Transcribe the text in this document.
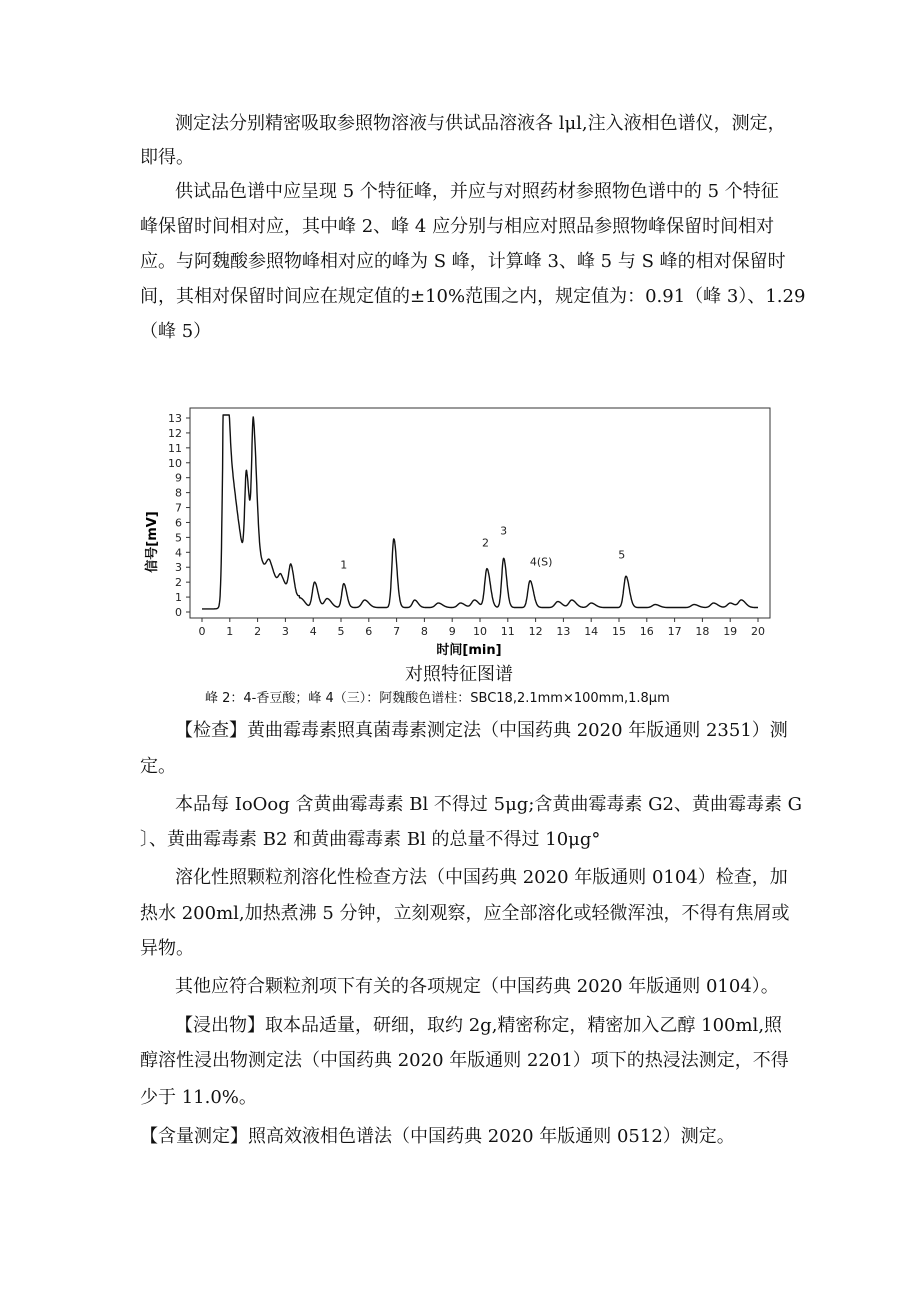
测定法分别精密吸取参照物溶液与供试品溶液各 lμl,注入液相色谱仪，测定，
即得。
供试品色谱中应呈现 5 个特征峰，并应与对照药材参照物色谱中的 5 个特征
峰保留时间相对应，其中峰 2、峰 4 应分别与相应对照品参照物峰保留时间相对
应。与阿魏酸参照物峰相对应的峰为 S 峰，计算峰 3、峰 5 与 S 峰的相对保留时
间，其相对保留时间应在规定值的±10%范围之内，规定值为：0.91（峰 3）、1.29
（峰 5）
信号[mV]
时间[min]
0
1
2
3
4
5
6
7
8
9
10
11
12
13
0 1 2 3 4 5 6 7 8 9 10 11 12 13 14 15 16 17 18 19 20
1
2
3
4(S)
5
对照特征图谱
峰 2：4-香豆酸；峰 4（三）：阿魏酸色谱柱：SBC18,2.1mm×100mm,1.8μm
【检查】黄曲霉毒素照真菌毒素测定法（中国药典 2020 年版通则 2351）测
定。
本品每 IoOog 含黄曲霉毒素 Bl 不得过 5μg;含黄曲霉毒素 G2、黄曲霉毒素 G
〕、黄曲霉毒素 B2 和黄曲霉毒素 Bl 的总量不得过 10μg°
溶化性照颗粒剂溶化性检查方法（中国药典 2020 年版通则 0104）检查，加
热水 200ml,加热煮沸 5 分钟，立刻观察，应全部溶化或轻微浑浊，不得有焦屑或
异物。
其他应符合颗粒剂项下有关的各项规定（中国药典 2020 年版通则 0104）。
【浸出物】取本品适量，研细，取约 2g,精密称定，精密加入乙醇 100ml,照
醇溶性浸出物测定法（中国药典 2020 年版通则 2201）项下的热浸法测定，不得
少于 11.0%。
【含量测定】照高效液相色谱法（中国药典 2020 年版通则 0512）测定。
